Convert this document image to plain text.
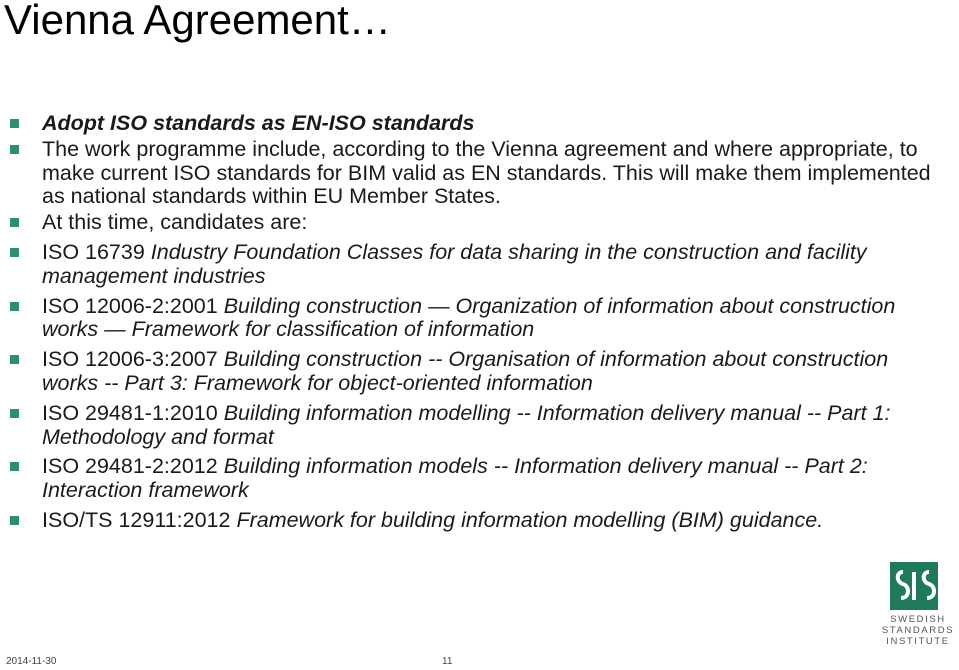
Vienna Agreement…
Adopt ISO standards as EN-ISO standards
The work programme include, according to the Vienna agreement and where appropriate, to make current ISO standards for BIM valid as EN standards. This will make them implemented as national standards within EU Member States.
At this time, candidates are:
ISO 16739 Industry Foundation Classes for data sharing in the construction and facility management industries
ISO 12006-2:2001 Building construction — Organization of information about construction works — Framework for classification of information
ISO 12006-3:2007 Building construction -- Organisation of information about construction works -- Part 3: Framework for object-oriented information
ISO 29481-1:2010 Building information modelling -- Information delivery manual -- Part 1: Methodology and format
ISO 29481-2:2012 Building information models -- Information delivery manual -- Part 2: Interaction framework
ISO/TS 12911:2012 Framework for building information modelling (BIM) guidance.
SWEDISH
STANDARDS
INSTITUTE
2014-11-30	11
